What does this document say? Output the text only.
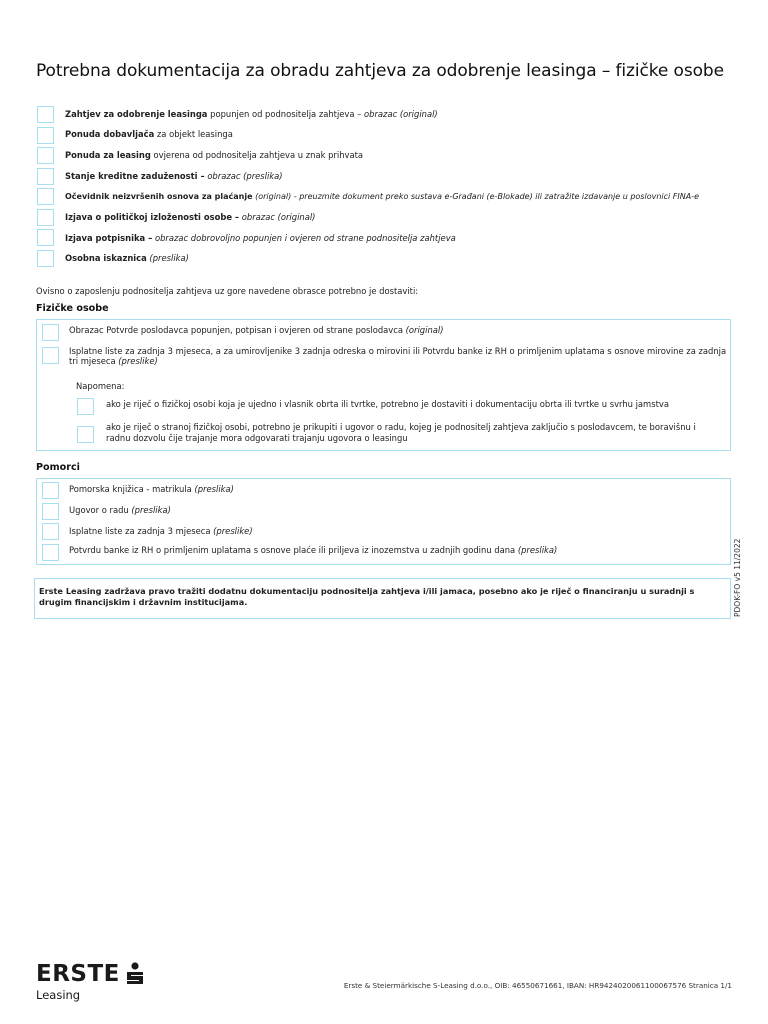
Potrebna dokumentacija za obradu zahtjeva za odobrenje leasinga – fizičke osobe
Zahtjev za odobrenje leasinga popunjen od podnositelja zahtjeva – obrazac (original)
Ponuda dobavljača za objekt leasinga
Ponuda za leasing ovjerena od podnositelja zahtjeva u znak prihvata
Stanje kreditne zaduženosti – obrazac (preslika)
Očevidnik neizvršenih osnova za plaćanje (original) - preuzmite dokument preko sustava e-Građani (e-Blokade) ili zatražite izdavanje u poslovnici FINA-e
Izjava o političkoj izloženosti osobe – obrazac (original)
Izjava potpisnika – obrazac dobrovoljno popunjen i ovjeren od strane podnositelja zahtjeva
Osobna iskaznica (preslika)
Ovisno o zaposlenju podnositelja zahtjeva uz gore navedene obrasce potrebno je dostaviti:
Fizičke osobe
Obrazac Potvrde poslodavca popunjen, potpisan i ovjeren od strane poslodavca (original)
Isplatne liste za zadnja 3 mjeseca, a za umirovljenike 3 zadnja odreska o mirovini ili Potvrdu banke iz RH o primljenim uplatama s osnove mirovine za zadnja tri mjeseca (preslike)
Napomena:
ako je riječ o fizičkoj osobi koja je ujedno i vlasnik obrta ili tvrtke, potrebno je dostaviti i dokumentaciju obrta ili tvrtke u svrhu jamstva
ako je riječ o stranoj fizičkoj osobi, potrebno je prikupiti i ugovor o radu, kojeg je podnositelj zahtjeva zaključio s poslodavcem, te boravišnu i radnu dozvolu čije trajanje mora odgovarati trajanju ugovora o leasingu
Pomorci
Pomorska knjižica - matrikula (preslika)
Ugovor o radu (preslika)
Isplatne liste za zadnja 3 mjeseca (preslike)
Potvrdu banke iz RH o primljenim uplatama s osnove plaće ili priljeva iz inozemstva u zadnjih godinu dana (preslika)
Erste Leasing zadržava pravo tražiti dodatnu dokumentaciju podnositelja zahtjeva i/ili jamaca, posebno ako je riječ o financiranju u suradnji s drugim financijskim i državnim institucijama.	PDOK-FO v5 11/2022
ERSTE
Leasing
Erste & Steiermärkische S-Leasing d.o.o., OIB: 46550671661, IBAN: HR9424020061100067576 Stranica 1/1
